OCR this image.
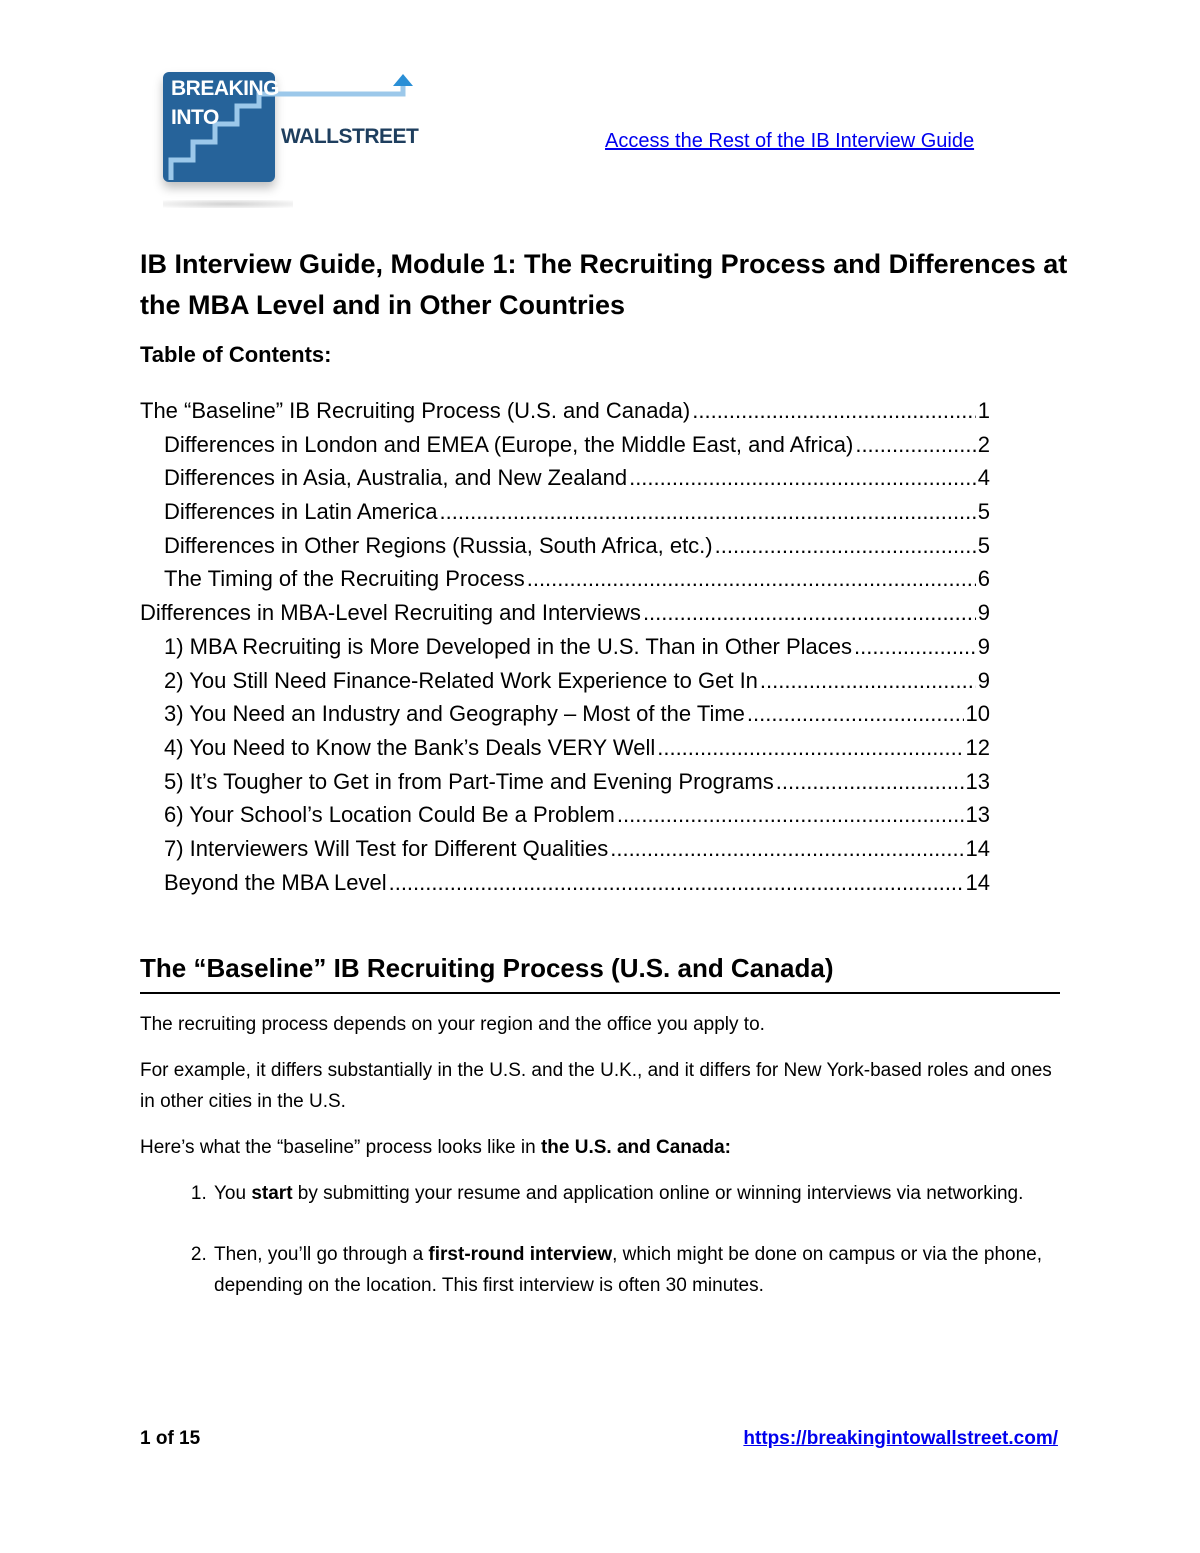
BREAKING
INTO
WALLSTREET	Access the Rest of the IB Interview Guide
IB Interview Guide, Module 1: The Recruiting Process and Differences at the MBA Level and in Other Countries
Table of Contents:
The “Baseline” IB Recruiting Process (U.S. and Canada) .....	1
Differences in London and EMEA (Europe, the Middle East, and Africa) .....	2
Differences in Asia, Australia, and New Zealand .....	4
Differences in Latin America .....	5
Differences in Other Regions (Russia, South Africa, etc.) .....	5
The Timing of the Recruiting Process .....	6
Differences in MBA-Level Recruiting and Interviews .....	9
1) MBA Recruiting is More Developed in the U.S. Than in Other Places .....	9
2) You Still Need Finance-Related Work Experience to Get In .....	9
3) You Need an Industry and Geography – Most of the Time .....	10
4) You Need to Know the Bank’s Deals VERY Well .....	12
5) It’s Tougher to Get in from Part-Time and Evening Programs .....	13
6) Your School’s Location Could Be a Problem .....	13
7) Interviewers Will Test for Different Qualities .....	14
Beyond the MBA Level .....	14
The “Baseline” IB Recruiting Process (U.S. and Canada)

The recruiting process depends on your region and the office you apply to.

For example, it differs substantially in the U.S. and the U.K., and it differs for New York-based roles and ones in other cities in the U.S.

Here’s what the “baseline” process looks like in the U.S. and Canada:

1. You start by submitting your resume and application online or winning interviews via networking.
2. Then, you’ll go through a first-round interview, which might be done on campus or via the phone, depending on the location. This first interview is often 30 minutes.
1 of 15	https://breakingintowallstreet.com/
